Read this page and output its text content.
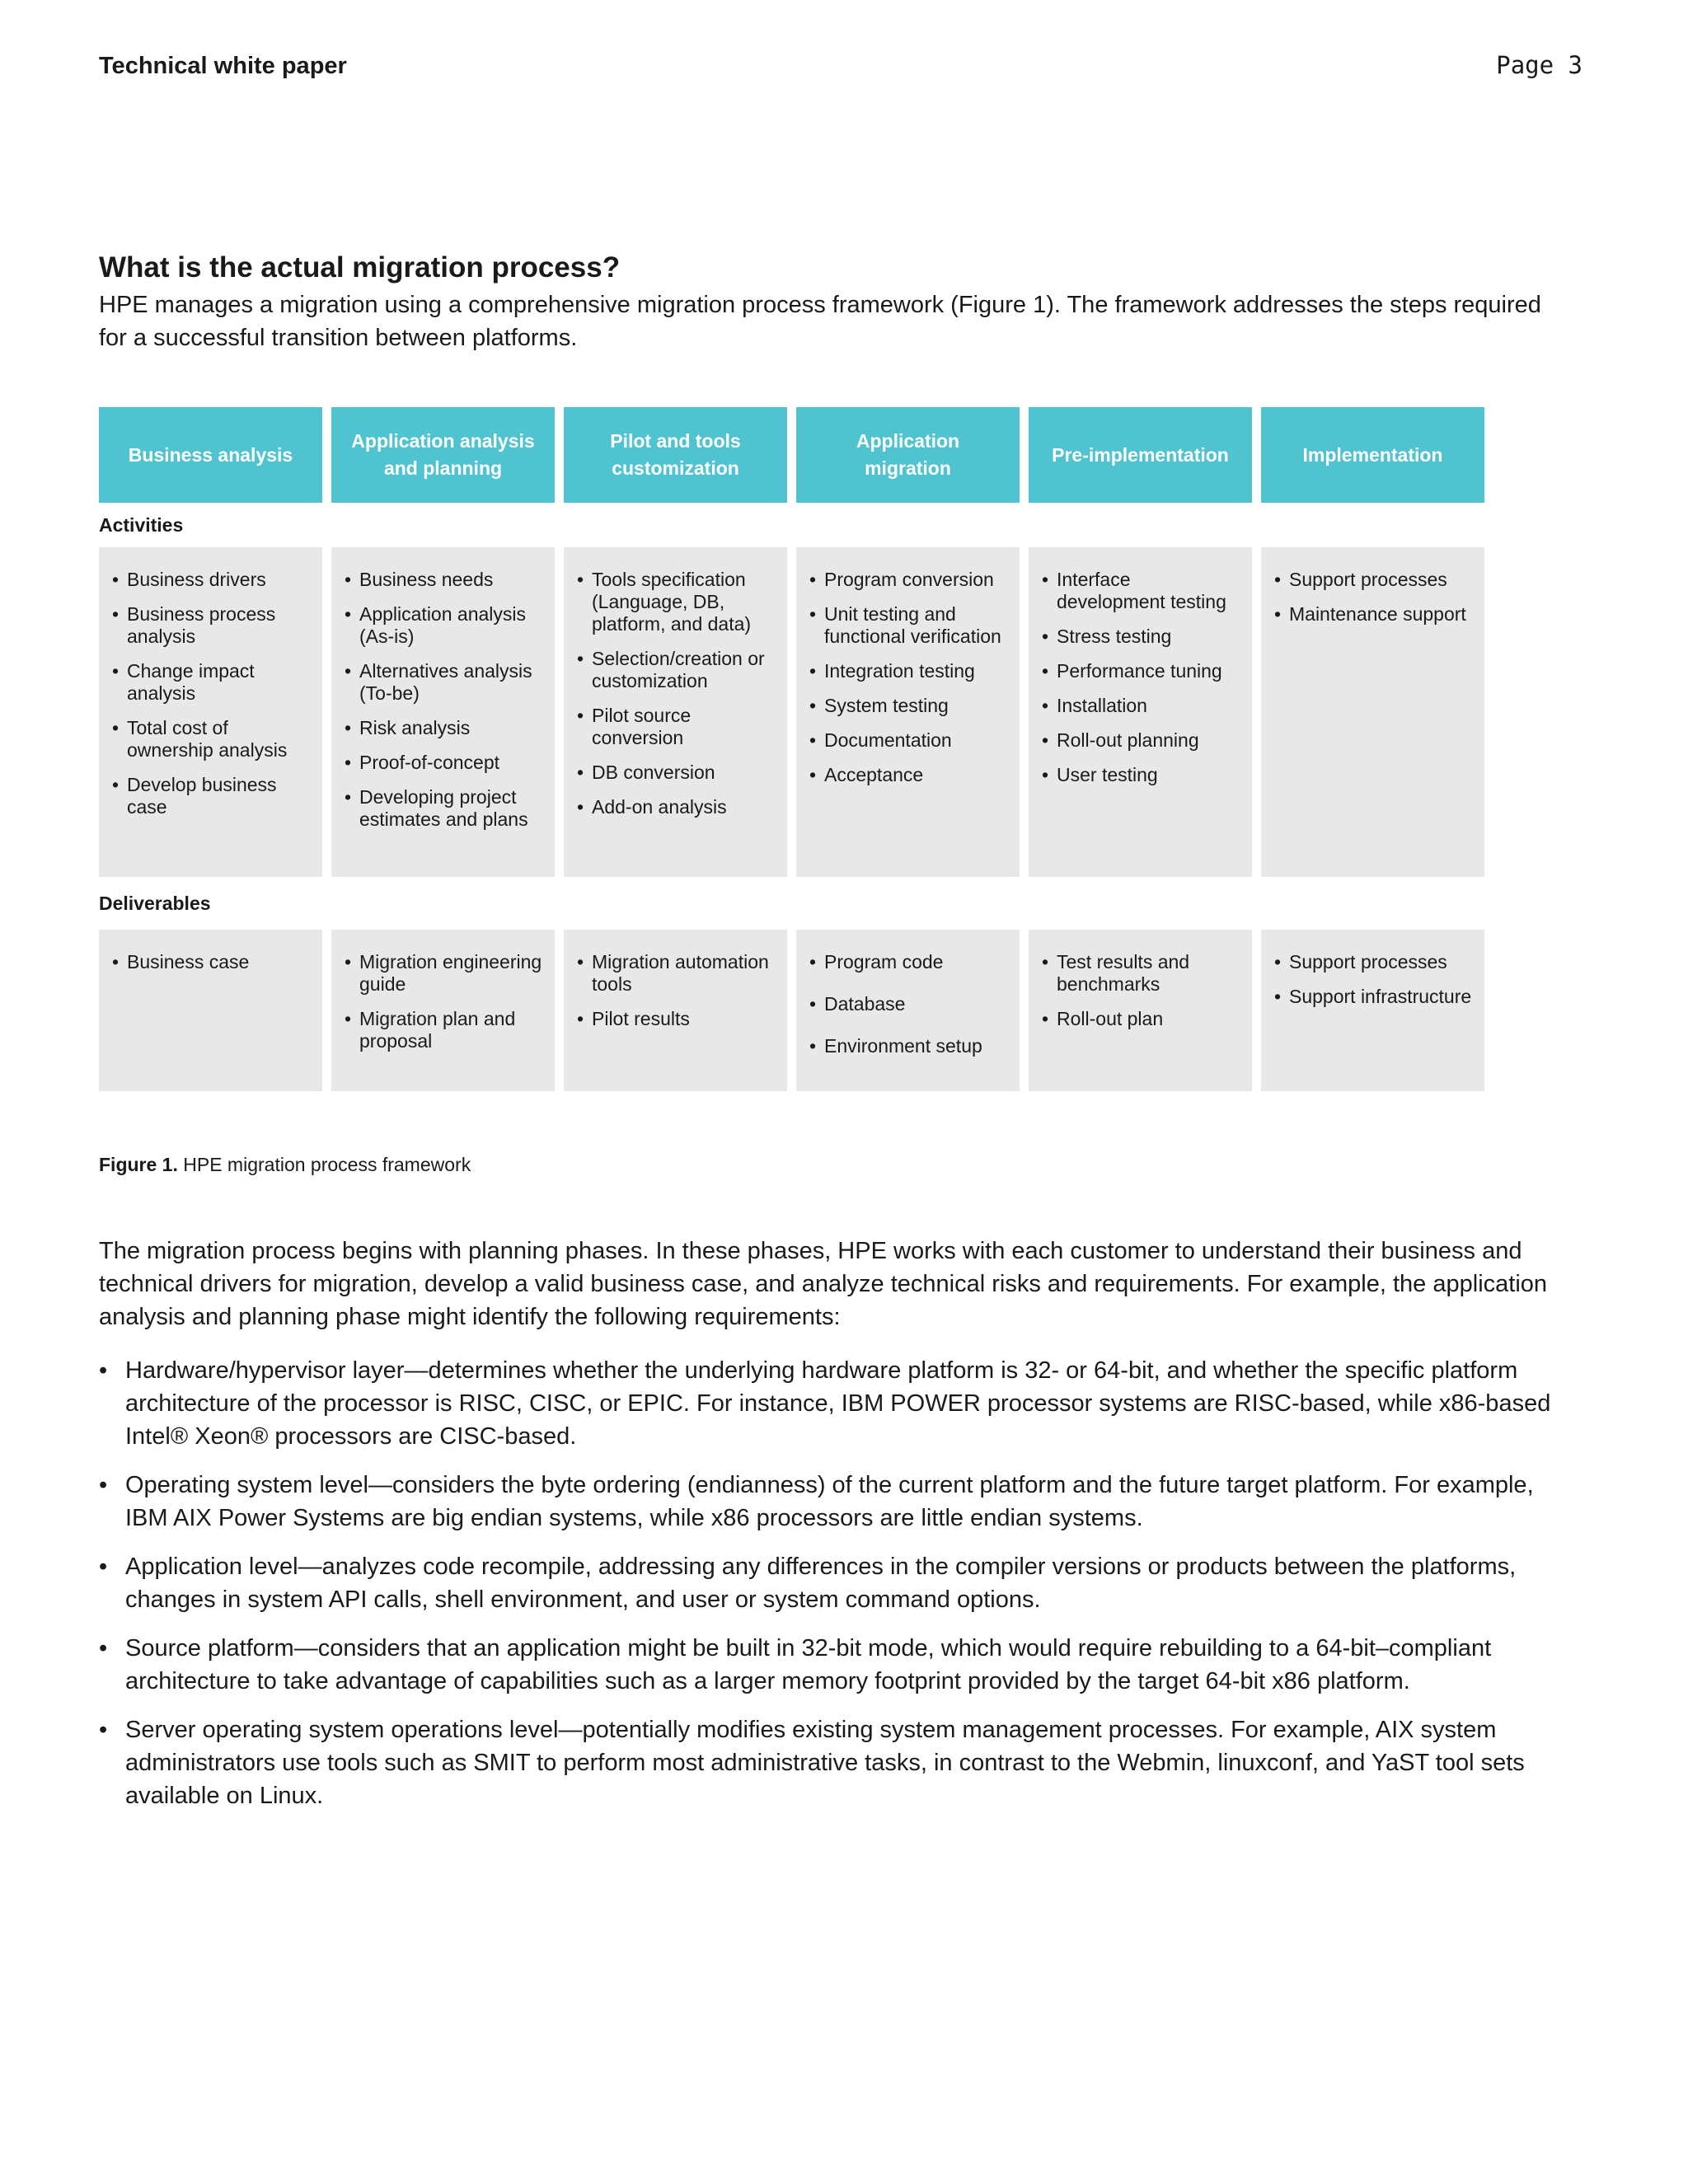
Technical white paper	Page 3
What is the actual migration process?
HPE manages a migration using a comprehensive migration process framework (Figure 1). The framework addresses the steps required for a successful transition between platforms.
Business analysis
Application analysis and planning
Pilot and tools customization
Application migration
Pre-implementation	Implementation
Activities
• Business drivers
• Business process analysis
• Change impact analysis
• Total cost of ownership analysis
• Develop business case
• Business needs
• Application analysis (As-is)
• Alternatives analysis (To-be)
• Risk analysis
• Proof-of-concept
• Developing project estimates and plans
• Tools specification (Language, DB, platform, and data)
• Selection/creation or customization
• Pilot source conversion
• DB conversion
• Add-on analysis
• Program conversion
• Unit testing and functional verification
• Integration testing
• System testing
• Documentation
• Acceptance
• Interface development testing
• Stress testing
• Performance tuning
• Installation
• Roll-out planning
• User testing
• Support processes
• Maintenance support
Deliverables
• Business case
•	Migration engineering guide
• Migration plan and proposal
• Migration automation tools
• Pilot results
• Program code
• Database
• Environment setup
• Test results and benchmarks
• Roll-out plan
• Support processes
• Support infrastructure
Figure 1. HPE migration process framework
The migration process begins with planning phases. In these phases, HPE works with each customer to understand their business and technical drivers for migration, develop a valid business case, and analyze technical risks and requirements. For example, the application analysis and planning phase might identify the following requirements:
• Hardware/hypervisor layer—determines whether the underlying hardware platform is 32- or 64-bit, and whether the specific platform architecture of the processor is RISC, CISC, or EPIC. For instance, IBM POWER processor systems are RISC-based, while x86-based Intel® Xeon® processors are CISC-based.
• Operating system level—considers the byte ordering (endianness) of the current platform and the future target platform. For example, IBM AIX Power Systems are big endian systems, while x86 processors are little endian systems.
• Application level—analyzes code recompile, addressing any differences in the compiler versions or products between the platforms, changes in system API calls, shell environment, and user or system command options.
• Source platform—considers that an application might be built in 32-bit mode, which would require rebuilding to a 64-bit–compliant architecture to take advantage of capabilities such as a larger memory footprint provided by the target 64-bit x86 platform.
• Server operating system operations level—potentially modifies existing system management processes. For example, AIX system administrators use tools such as SMIT to perform most administrative tasks, in contrast to the Webmin, linuxconf, and YaST tool sets available on Linux.
